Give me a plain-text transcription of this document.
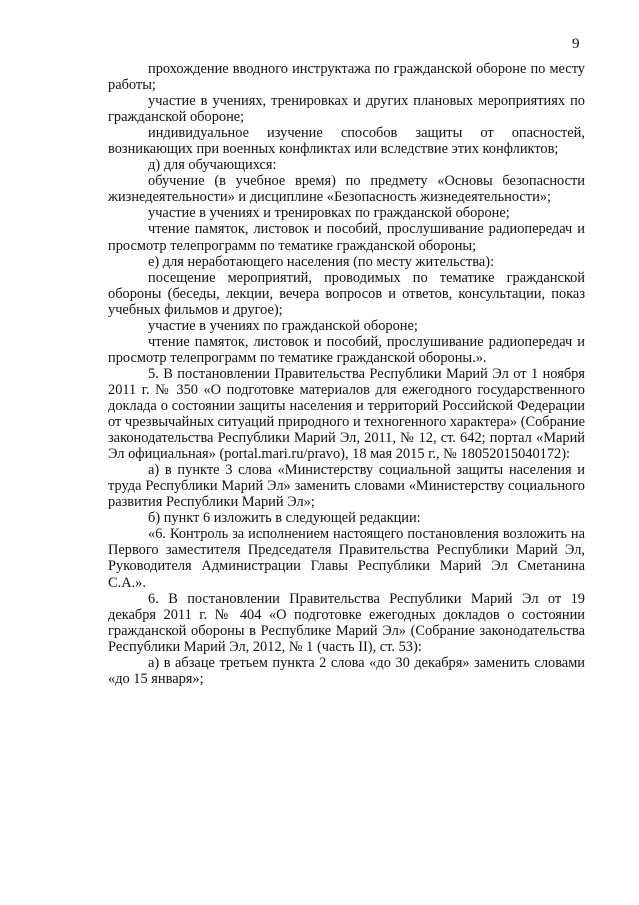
9

прохождение вводного инструктажа по гражданской обороне по месту работы;

участие в учениях, тренировках и других плановых мероприятиях по гражданской обороне;

индивидуальное изучение способов защиты от опасностей, возникающих при военных конфликтах или вследствие этих конфликтов;

д) для обучающихся:

обучение (в учебное время) по предмету «Основы безопасности жизнедеятельности» и дисциплине «Безопасность жизнедеятельности»;

участие в учениях и тренировках по гражданской обороне;

чтение памяток, листовок и пособий, прослушивание радиопередач и просмотр телепрограмм по тематике гражданской обороны;

е) для неработающего населения (по месту жительства):

посещение мероприятий, проводимых по тематике гражданской обороны (беседы, лекции, вечера вопросов и ответов, консультации, показ учебных фильмов и другое);

участие в учениях по гражданской обороне;

чтение памяток, листовок и пособий, прослушивание радиопередач и просмотр телепрограмм по тематике гражданской обороны.».

5. В постановлении Правительства Республики Марий Эл от 1 ноября 2011 г. № 350 «О подготовке материалов для ежегодного государственного доклада о состоянии защиты населения и территорий Российской Федерации от чрезвычайных ситуаций природного и техногенного характера» (Собрание законодательства Республики Марий Эл, 2011, № 12, ст. 642; портал «Марий Эл официальная» (portal.mari.ru/pravo), 18 мая 2015 г., № 18052015040172):

а) в пункте 3 слова «Министерству социальной защиты населения и труда Республики Марий Эл» заменить словами «Министерству социального развития Республики Марий Эл»;

б) пункт 6 изложить в следующей редакции:

«6. Контроль за исполнением настоящего постановления возложить на Первого заместителя Председателя Правительства Республики Марий Эл, Руководителя Администрации Главы Республики Марий Эл Сметанина С.А.».

6. В постановлении Правительства Республики Марий Эл от 19 декабря 2011 г. № 404 «О подготовке ежегодных докладов о состоянии гражданской обороны в Республике Марий Эл» (Собрание законодательства Республики Марий Эл, 2012, № 1 (часть II), ст. 53):

а) в абзаце третьем пункта 2 слова «до 30 декабря» заменить словами «до 15 января»;
